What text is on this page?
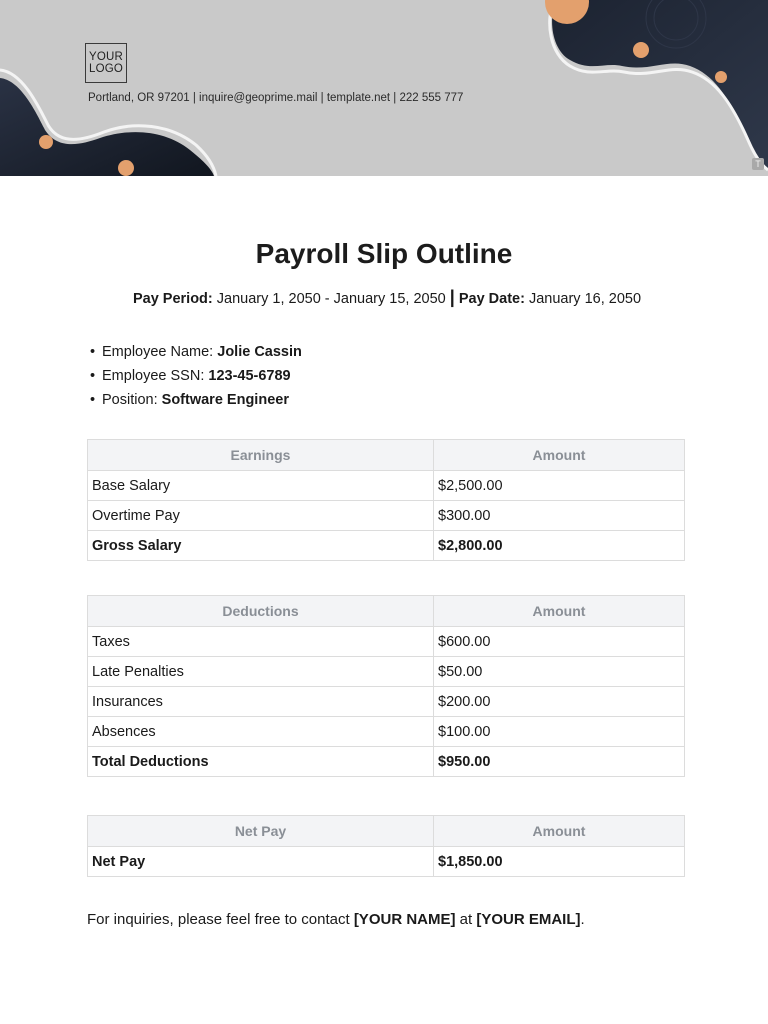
YOUR
LOGO
Portland, OR 97201 | inquire@geoprime.mail | template.net | 222 555 777
T
Payroll Slip Outline
Pay Period: January 1, 2050 - January 15, 2050 | Pay Date: January 16, 2050
• Employee Name: Jolie Cassin
• Employee SSN: 123-45-6789
• Position: Software Engineer
Earnings	Amount
Base Salary	$2,500.00
Overtime Pay	$300.00
Gross Salary	$2,800.00
Deductions	Amount
Taxes	$600.00
Late Penalties	$50.00
Insurances	$200.00
Absences	$100.00
Total Deductions	$950.00
Net Pay	Amount
Net Pay	$1,850.00
For inquiries, please feel free to contact [YOUR NAME] at [YOUR EMAIL].
